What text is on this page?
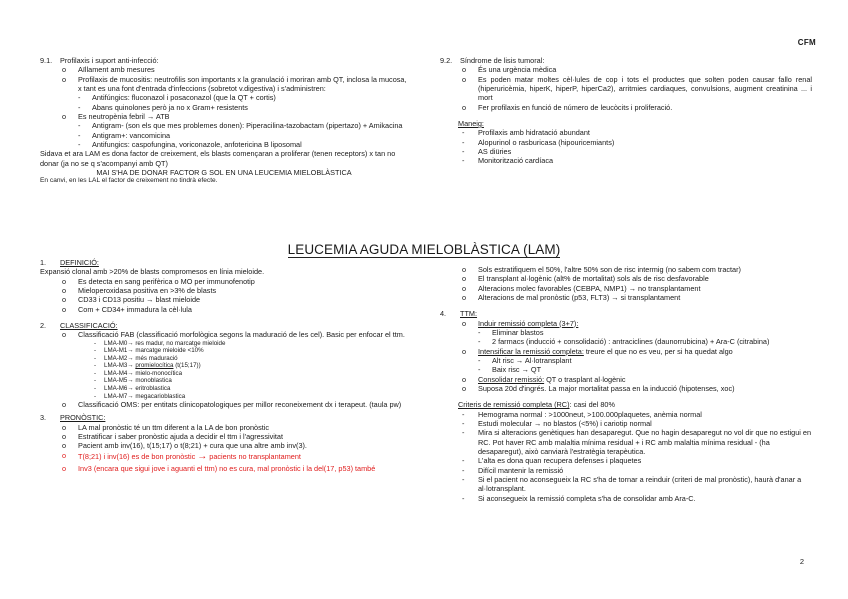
CFM
9.1.	Profilaxis i suport anti-infecció:
o	Aïllament amb mesures
o	Profilaxis de mucositis: neutrofilis son importants x la granulació i moriran amb QT, inclosa la mucosa, x tant es una font d'entrada d'infeccions (sobretot v.digestiva) i s'administren:
-	Antifúngics: fluconazol i posaconazol (que la QT + cortis)
-	Abans quinolones però ja no x Gram+ resistents
o	Es neutropènia febril → ATB
-	Antigram- (son els que mes problemes donen): Piperacilina-tazobactam (pipertazo) + Amikacina
-	Antigram+: vancomicina
-	Antifungics: caspofungina, voriconazole, anfotericina B liposomal
Sidava et ara LAM es dona factor de creixement, els blasts començaran a proliferar (tenen receptors) x tan no donar (ja no se q s'acompanyi amb QT)
MAI S'HA DE DONAR FACTOR G SOL EN UNA LEUCEMIA MIELOBLÀSTICA
En canvi, en les LAL el factor de creixement no tindrà efecte.
9.2.	Síndrome de lisis tumoral:
o	És una urgència mèdica
o	Es poden matar moltes cèl·lules de cop i tots el productes que solten poden causar fallo renal (hiperuricèmia, hiperK, hiperP, hiperCa2), arritmies cardiaques, convulsions, augment creatinina ... i mort
o	Fer profilaxis en funció de número de leucòcits i proliferació.
Maneig:
-	Profilaxis amb hidratació abundant
-	Alopurinol o rasburicasa (hipouricemiants)
-	AS diüries
-	Monitorització cardíaca
LEUCEMIA AGUDA MIELOBLÀSTICA (LAM)
1.	DEFINICIÓ:
Expansió clonal amb >20% de blasts compromesos en línia mieloide.
o	Es detecta en sang perifèrica o MO per immunofenotip
o	Mieloperoxidasa positiva en >3% de blasts
o	CD33 i CD13 positiu → blast mieloide
o	Com + CD34+ immadura la cèl·lula
2.	CLASSIFICACIÓ:
o	Classificació FAB (classificació morfològica segons la maduració de les cel). Basic per enfocar el ttm.
-	LMA-M0→ res madur, no marcatge mieloide
-	LMA-M1→ marcatge mieloide <10%
-	LMA-M2→ més maduració
-	LMA-M3→ promielocítica (t(15;17))
-	LMA-M4→ mielo-monocítica
-	LMA-M5→ monoblastica
-	LMA-M6→ eritroblastica
-	LMA-M7→ megacarioblastica
o	Classificació OMS: per entitats clinicopatologiques per millor reconeixement dx i terapeut. (taula pw)
3.	PRONÒSTIC:
o	LA mal pronòstic té un ttm diferent a la LA de bon pronòstic
o	Estratificar i saber pronòstic ajuda a decidir el ttm i l'agressivitat
o	Pacient amb inv(16), t(15;17) o t(8;21) + cura que una altre amb inv(3).
o	T(8;21) i inv(16) es de bon pronòstic → pacients no transplantament
o	Inv3 (encara que sigui jove i aguanti el ttm) no es cura, mal pronòstic i la del(17, p53) també
o	Sols estratifiquem el 50%, l'altre 50% son de risc intermig (no sabem com tractar)
o	El transplant al·logènic (alt% de mortalitat) sols als de risc desfavorable
o	Alteracions molec favorables (CEBPA, NMP1) → no transplantament
o	Alteracions de mal pronòstic (p53, FLT3) → si transplantament
4.	TTM:
o	Induir remissió completa (3+7):
-	Eliminar blastos
-	2 farmacs (inducció + consolidació) : antraciclines (daunorrubicina) + Ara-C (citrabina)
o	Intensificar la remissió completa: treure el que no es veu, per si ha quedat algo
-	Alt risc → Al·lotransplant
-	Baix risc → QT
o	Consolidar remissió: QT o trasplant al·logènic
o	Suposa 20d d'ingrés. La major mortalitat passa en la inducció (hipotenses, xoc)
Criteris de remissió completa (RC): casi del 80%
-	Hemograma normal : >1000neut, >100.000plaquetes, anèmia normal
-	Estudi molecular → no blastos (<5%) i cariotip normal
-	Mira si alteracions genètiques han desaparegut. Que no hagin desaparegut no vol dir que no estigui en RC. Pot haver RC amb malaltia mínima residual + i RC amb malaltia mínima residual - (ha desaparegut), això canviarà l'estratègia terapèutica.
-	L'alta es dona quan recupera defenses i plaquetes
-	Difícil mantenir la remissió
-	Si el pacient no aconsegueix la RC s'ha de tornar a reinduir (criteri de mal pronòstic), haurà d'anar a al·lotransplant.
-	Si aconsegueix la remissió completa s'ha de consolidar amb Ara-C.
2
